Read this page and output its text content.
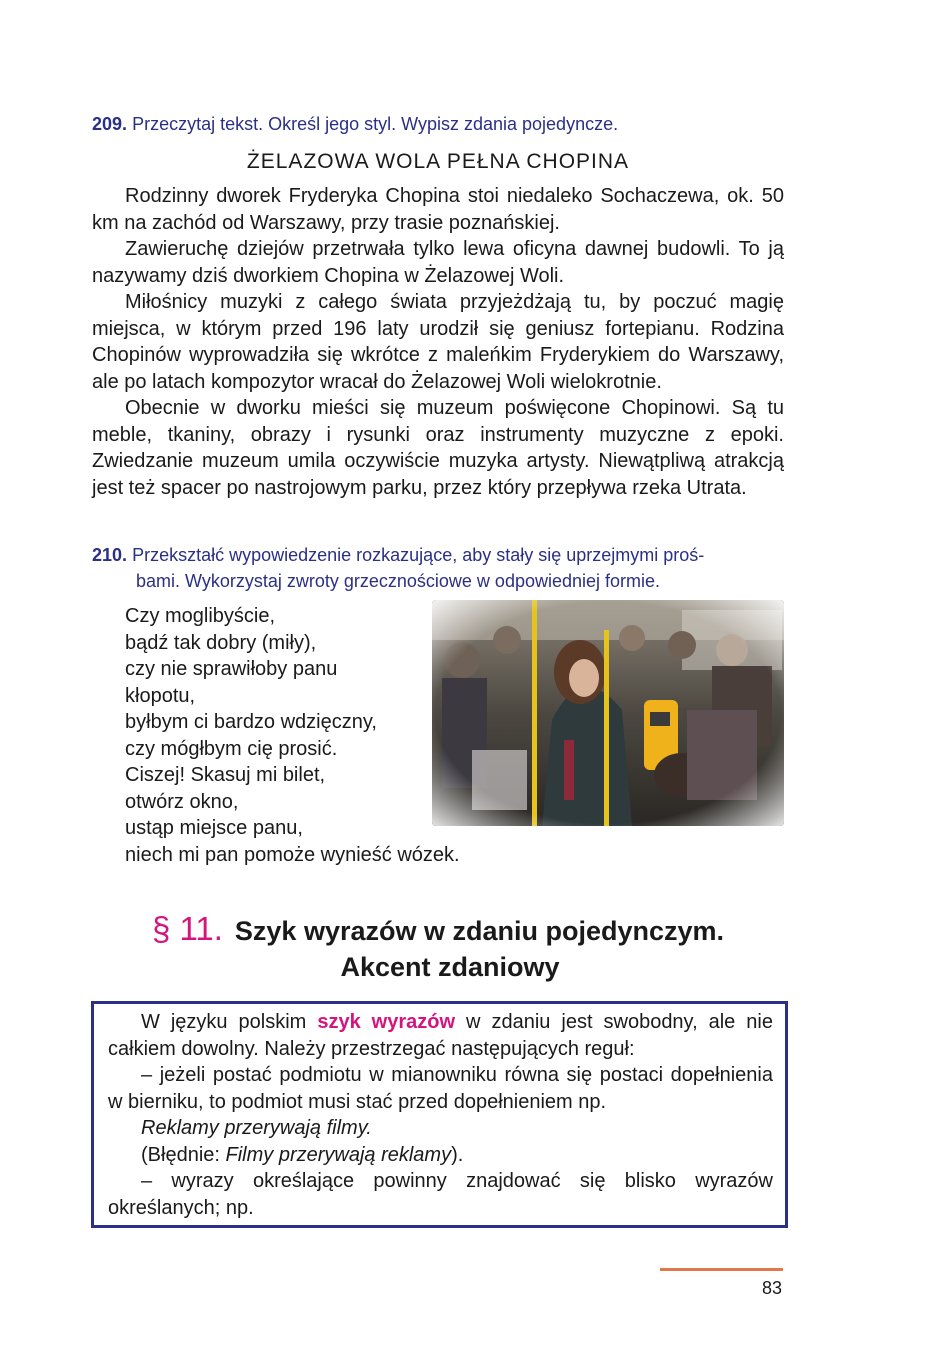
209. Przeczytaj tekst. Określ jego styl. Wypisz zdania pojedyncze.
ŻELAZOWA WOLA PEŁNA CHOPINA

Rodzinny dworek Fryderyka Chopina stoi niedaleko Sochaczewa, ok. 50 km na zachód od Warszawy, przy trasie poznańskiej.

Zawieruchę dziejów przetrwała tylko lewa oficyna dawnej budowli. To ją nazywamy dziś dworkiem Chopina w Żelazowej Woli.

Miłośnicy muzyki z całego świata przyjeżdżają tu, by poczuć magię miejsca, w którym przed 196 laty urodził się geniusz fortepianu. Rodzina Chopinów wyprowadziła się wkrótce z maleńkim Fryderykiem do Warszawy, ale po latach kompozytor wracał do Żelazowej Woli wielokrotnie.

Obecnie w dworku mieści się muzeum poświęcone Chopinowi. Są tu meble, tkaniny, obrazy i rysunki oraz instrumenty muzyczne z epoki. Zwiedzanie muzeum umila oczywiście muzyka artysty. Niewątpliwą atrakcją jest też spacer po nastrojowym parku, przez który przepływa rzeka Utrata.

210. Przekształć wypowiedzenie rozkazujące, aby stały się uprzejmymi proś-
bami. Wykorzystaj zwroty grzecznościowe w odpowiedniej formie.
Czy moglibyście,
bądź tak dobry (miły),
czy nie sprawiłoby panu
kłopotu,
byłbym ci bardzo wdzięczny,
czy mógłbym cię prosić.
Ciszej! Skasuj mi bilet,
otwórz okno,
ustąp miejsce panu,
niech mi pan pomoże wynieść wózek.
§ 11. Szyk wyrazów w zdaniu pojedynczym.
Akcent zdaniowy

W języku polskim szyk wyrazów w zdaniu jest swobodny, ale nie całkiem dowolny. Należy przestrzegać następujących reguł:

– jeżeli postać podmiotu w mianowniku równa się postaci dopełnienia w bierniku, to podmiot musi stać przed dopełnieniem np.

Reklamy przerywają filmy.

(Błędnie: Filmy przerywają reklamy).

– wyrazy określające powinny znajdować się blisko wyrazów określanych; np.

83
